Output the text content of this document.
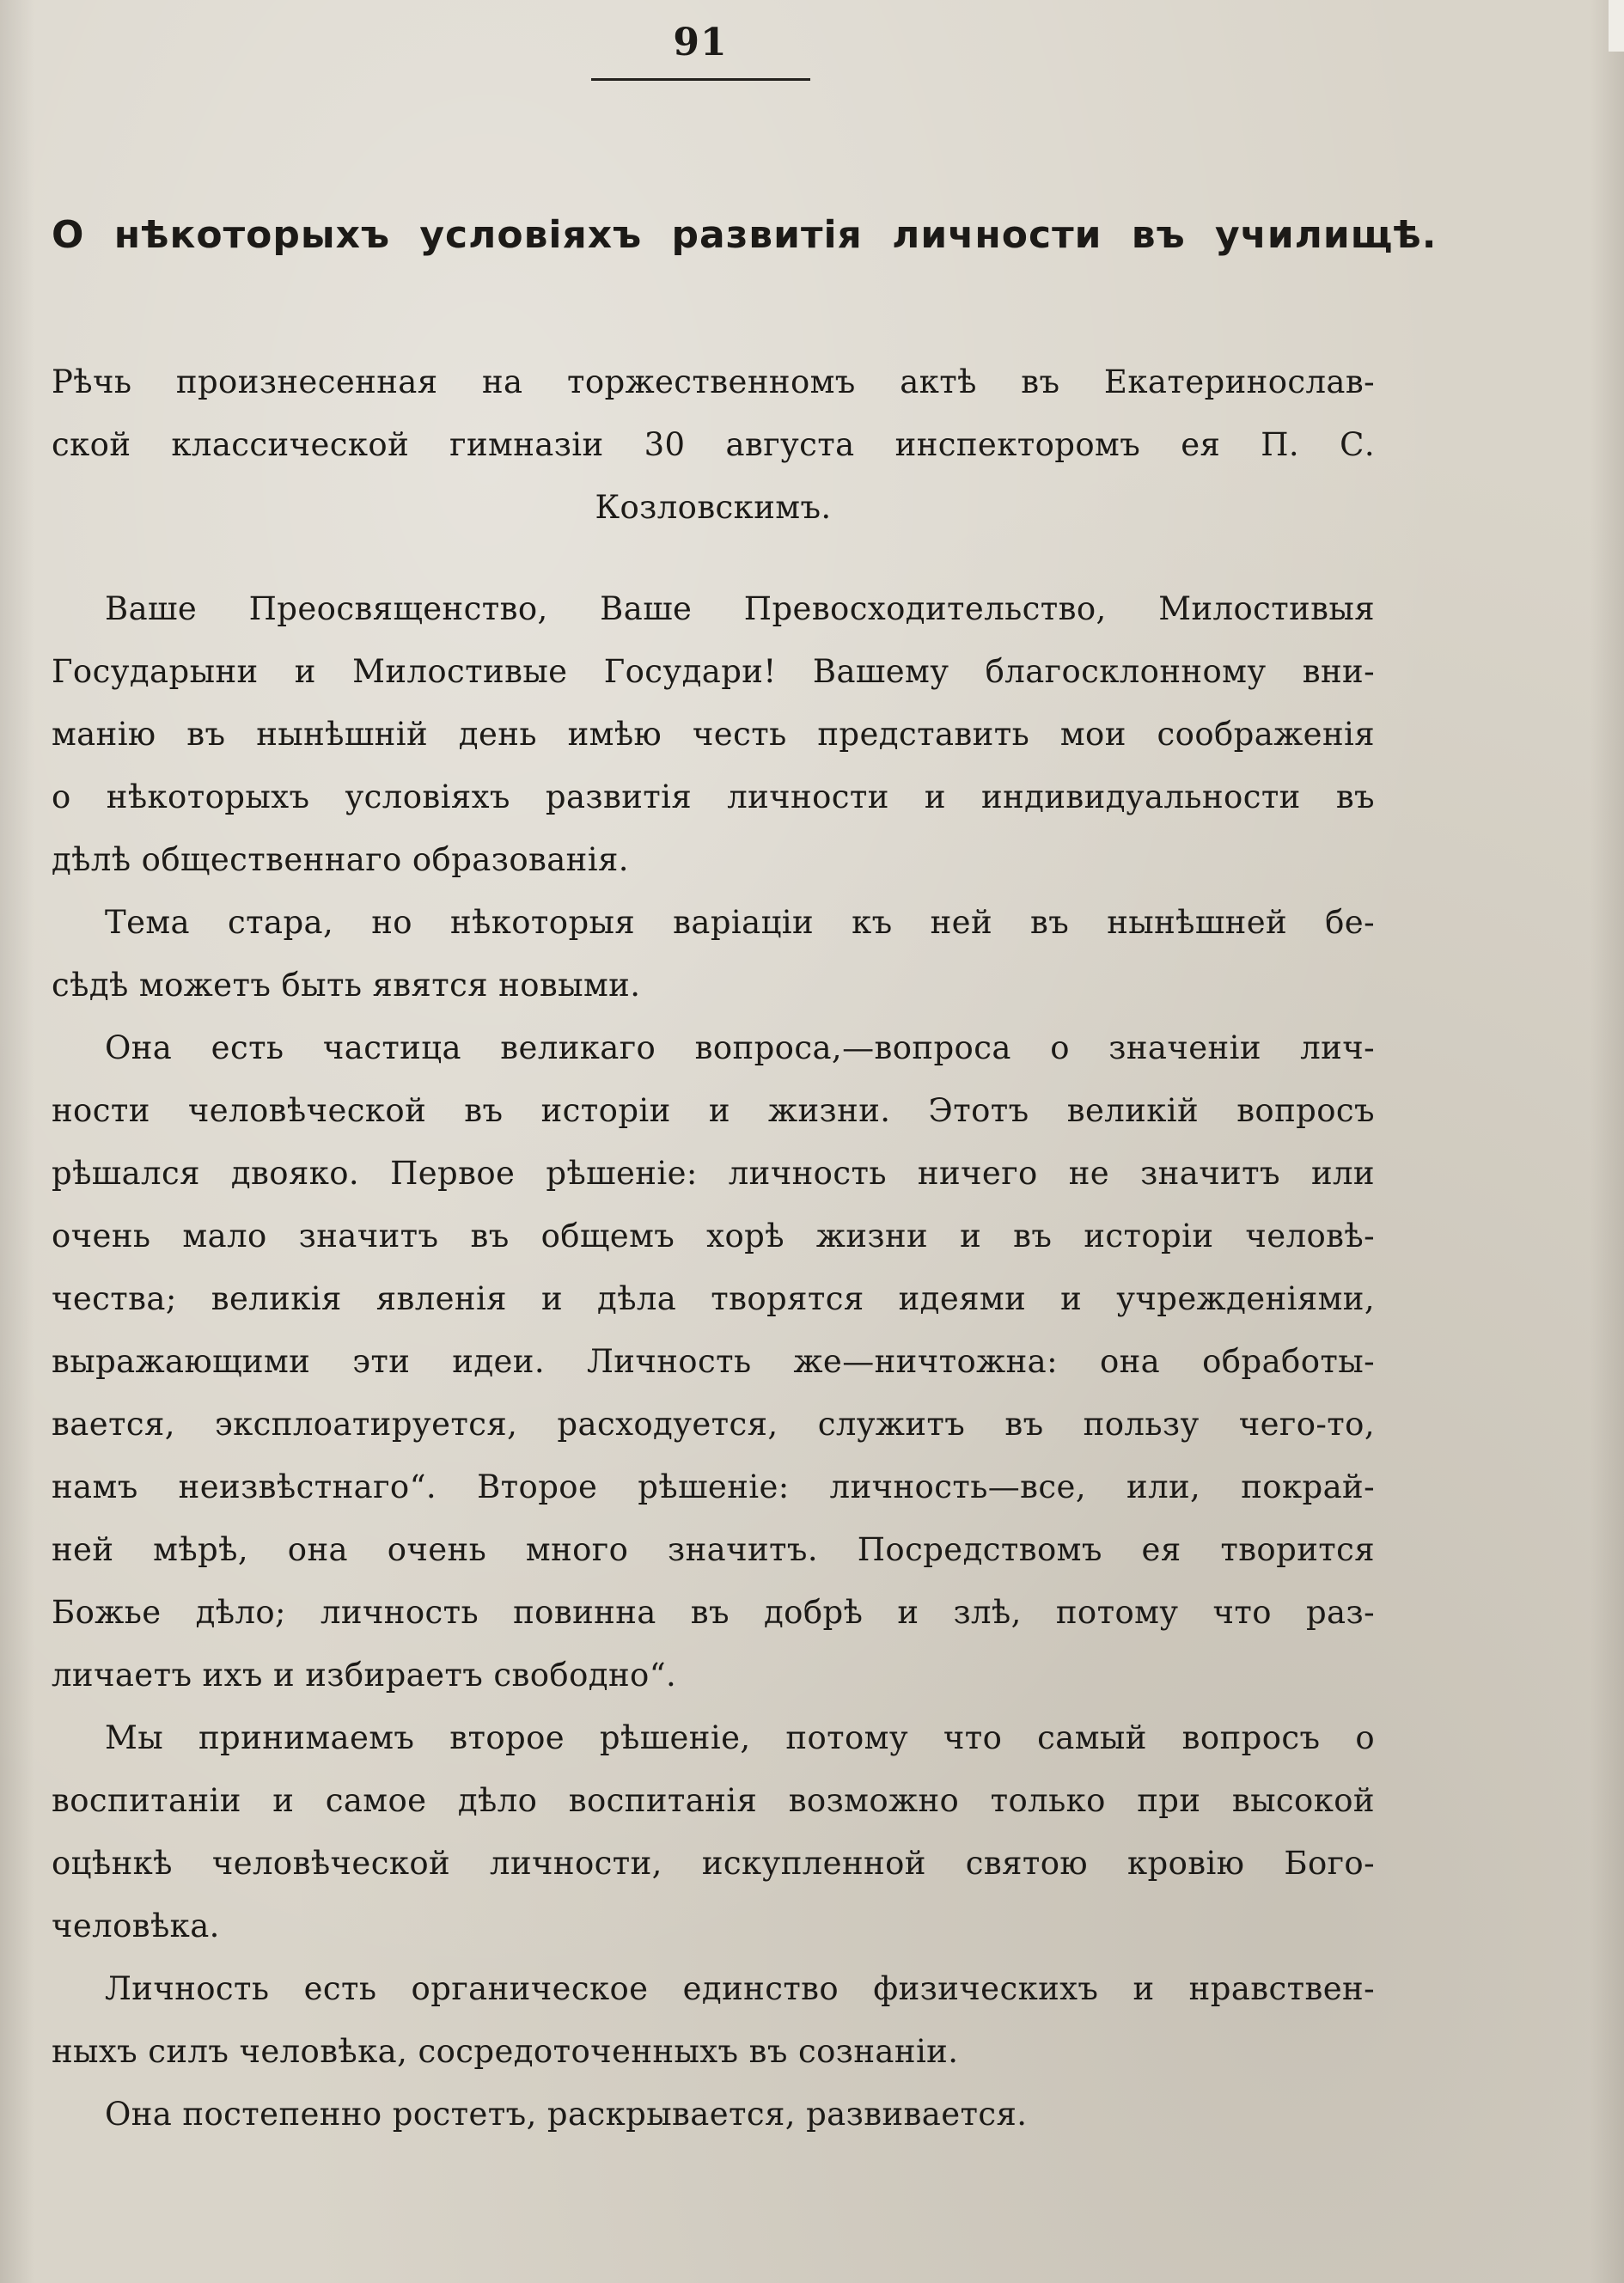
91
О нѣкоторыхъ условіяхъ развитія личности въ училищѣ.
Рѣчь произнесенная на торжественномъ актѣ въ Екатеринослав-
ской классической гимназіи 30 августа инспекторомъ ея П. С.
Козловскимъ.
Ваше Преосвященство, Ваше Превосходительство, Милостивыя
Государыни и Милостивые Государи! Вашему благосклонному вни-
манію въ нынѣшній день имѣю честь представить мои соображенія
о нѣкоторыхъ условіяхъ развитія личности и индивидуальности въ
дѣлѣ общественнаго образованія.
Тема стара, но нѣкоторыя варіаціи къ ней въ нынѣшней бе-
сѣдѣ можетъ быть явятся новыми.
Она есть частица великаго вопроса,—вопроса о значеніи лич-
ности человѣческой въ исторіи и жизни. Этотъ великій вопросъ
рѣшался двояко. Первое рѣшеніе: личность ничего не значитъ или
очень мало значитъ въ общемъ хорѣ жизни и въ исторіи человѣ-
чества; великія явленія и дѣла творятся идеями и учрежденіями,
выражающими эти идеи. Личность же—ничтожна: она обработы-
вается, эксплоатируется, расходуется, служитъ въ пользу чего-то,
намъ неизвѣстнаго“. Второе рѣшеніе: личность—все, или, покрай-
ней мѣрѣ, она очень много значитъ. Посредствомъ ея творится
Божье дѣло; личность повинна въ добрѣ и злѣ, потому что раз-
личаетъ ихъ и избираетъ свободно“.
Мы принимаемъ второе рѣшеніе, потому что самый вопросъ о
воспитаніи и самое дѣло воспитанія возможно только при высокой
оцѣнкѣ человѣческой личности, искупленной святою кровію Бого-
человѣка.
Личность есть органическое единство физическихъ и нравствен-
ныхъ силъ человѣка, сосредоточенныхъ въ сознаніи.
Она постепенно ростетъ, раскрывается, развивается.
